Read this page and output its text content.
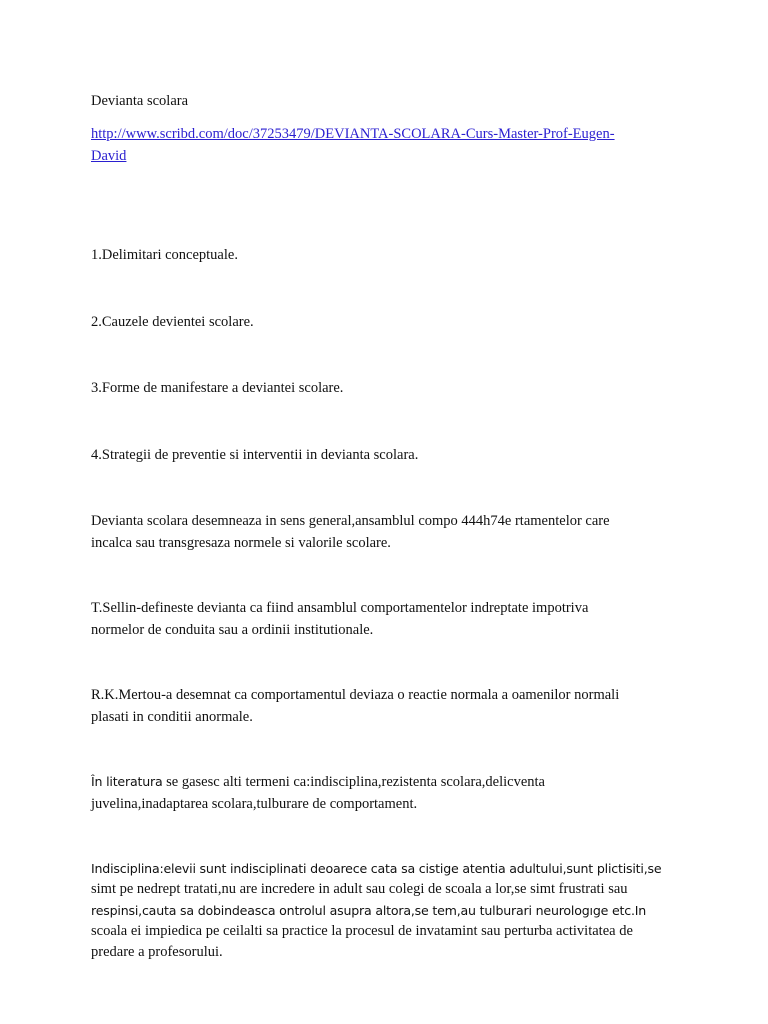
Devianta scolara

http://www.scribd.com/doc/37253479/DEVIANTA-SCOLARA-Curs-Master-Prof-Eugen-
David

1.Delimitari conceptuale.

2.Cauzele devientei scolare.

3.Forme de manifestare a deviantei scolare.

4.Strategii de preventie si interventii in devianta scolara.

Devianta scolara desemneaza in sens general,ansamblul compo 444h74e rtamentelor care
incalca sau transgresaza normele si valorile scolare.

T.Sellin-defineste devianta ca fiind ansamblul comportamentelor indreptate impotriva
normelor de conduita sau a ordinii institutionale.

R.K.Mertou-a desemnat ca comportamentul deviaza o reactie normala a oamenilor normali
plasati in conditii anormale.

În literatura se gasesc alti termeni ca:indisciplina,rezistenta scolara,delicventa
juvelina,inadaptarea scolara,tulburare de comportament.

Indisciplina:elevii sunt indisciplinati deoarece cata sa cistige atentia adultului,sunt plictisiti,se
simt pe nedrept tratati,nu are incredere in adult sau colegi de scoala a lor,se simt frustrati sau
respinsi,cauta sa dobindeasca ontrolul asupra altora,se tem,au tulburari neurologıge etc.In
scoala ei impiedica pe ceilalti sa practice la procesul de invatamint sau perturba activitatea de
predare a profesorului.
